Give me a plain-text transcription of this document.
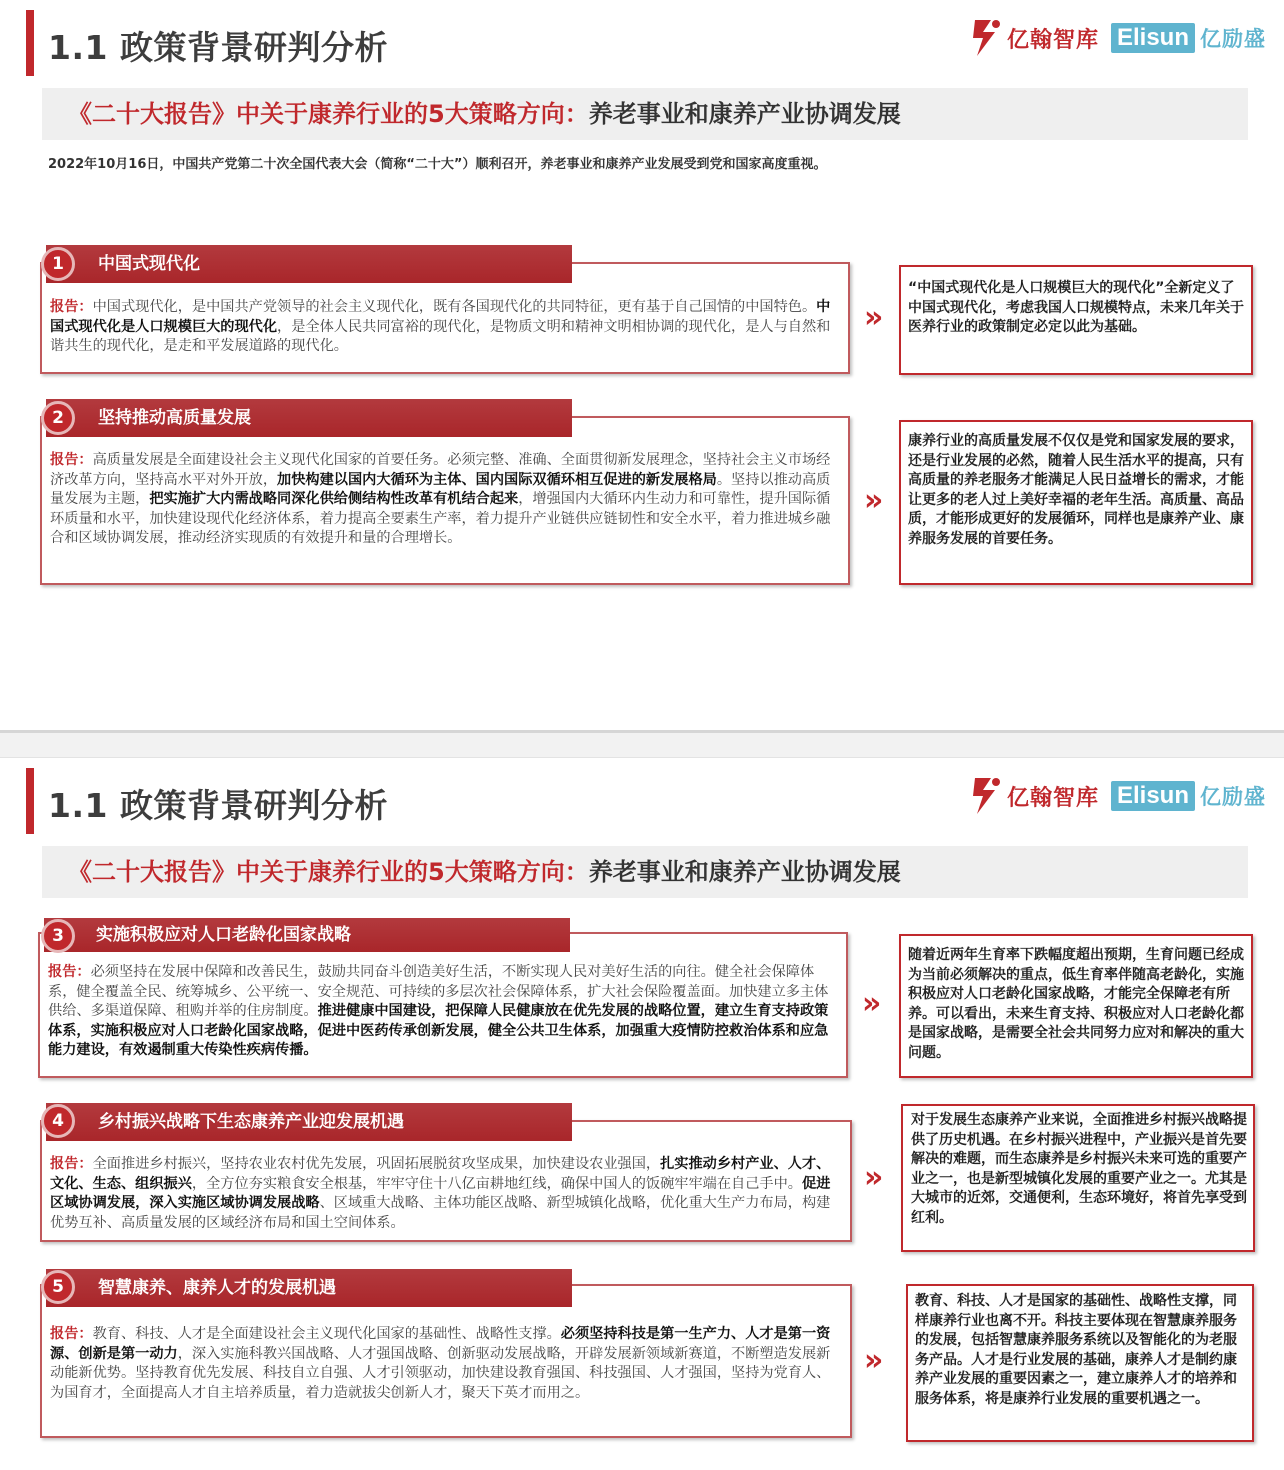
1.1 政策背景研判分析	亿翰智库 Elisun 亿励盛
《二十大报告》中关于康养行业的5大策略方向：养老事业和康养产业协调发展
2022年10月16日，中国共产党第二十次全国代表大会（简称“二十大”）顺利召开，养老事业和康养产业发展受到党和国家高度重视。
中国式现代化
1
报告：中国式现代化，是中国共产党领导的社会主义现代化，既有各国现代化的共同特征，更有基于自己国情的中国特色。中国式现代化是人口规模巨大的现代化，是全体人民共同富裕的现代化，是物质文明和精神文明相协调的现代化，是人与自然和谐共生的现代化，是走和平发展道路的现代化。
»
“中国式现代化是人口规模巨大的现代化”全新定义了中国式现代化，考虑我国人口规模特点，未来几年关于医养行业的政策制定必定以此为基础。
坚持推动高质量发展
2
报告：高质量发展是全面建设社会主义现代化国家的首要任务。必须完整、准确、全面贯彻新发展理念，坚持社会主义市场经济改革方向，坚持高水平对外开放，加快构建以国内大循环为主体、国内国际双循环相互促进的新发展格局。坚持以推动高质量发展为主题，把实施扩大内需战略同深化供给侧结构性改革有机结合起来，增强国内大循环内生动力和可靠性，提升国际循环质量和水平，加快建设现代化经济体系，着力提高全要素生产率，着力提升产业链供应链韧性和安全水平，着力推进城乡融合和区域协调发展，推动经济实现质的有效提升和量的合理增长。
»
康养行业的高质量发展不仅仅是党和国家发展的要求，还是行业发展的必然，随着人民生活水平的提高，只有高质量的养老服务才能满足人民日益增长的需求，才能让更多的老人过上美好幸福的老年生活。高质量、高品质，才能形成更好的发展循环，同样也是康养产业、康养服务发展的首要任务。
1.1 政策背景研判分析	亿翰智库 Elisun 亿励盛
《二十大报告》中关于康养行业的5大策略方向：养老事业和康养产业协调发展
实施积极应对人口老龄化国家战略
3
报告：必须坚持在发展中保障和改善民生，鼓励共同奋斗创造美好生活，不断实现人民对美好生活的向往。健全社会保障体系，健全覆盖全民、统筹城乡、公平统一、安全规范、可持续的多层次社会保障体系，扩大社会保险覆盖面。加快建立多主体供给、多渠道保障、租购并举的住房制度。推进健康中国建设，把保障人民健康放在优先发展的战略位置，建立生育支持政策体系，实施积极应对人口老龄化国家战略，促进中医药传承创新发展，健全公共卫生体系，加强重大疫情防控救治体系和应急能力建设，有效遏制重大传染性疾病传播。
»
随着近两年生育率下跌幅度超出预期，生育问题已经成为当前必须解决的重点，低生育率伴随高老龄化，实施积极应对人口老龄化国家战略，才能完全保障老有所养。可以看出，未来生育支持、积极应对人口老龄化都是国家战略，是需要全社会共同努力应对和解决的重大问题。
乡村振兴战略下生态康养产业迎发展机遇
4
报告：全面推进乡村振兴，坚持农业农村优先发展，巩固拓展脱贫攻坚成果，加快建设农业强国，扎实推动乡村产业、人才、文化、生态、组织振兴，全方位夯实粮食安全根基，牢牢守住十八亿亩耕地红线，确保中国人的饭碗牢牢端在自己手中。促进区域协调发展，深入实施区域协调发展战略、区域重大战略、主体功能区战略、新型城镇化战略，优化重大生产力布局，构建优势互补、高质量发展的区域经济布局和国土空间体系。
»
对于发展生态康养产业来说，全面推进乡村振兴战略提供了历史机遇。在乡村振兴进程中，产业振兴是首先要解决的难题，而生态康养是乡村振兴未来可选的重要产业之一，也是新型城镇化发展的重要产业之一。尤其是大城市的近郊，交通便利，生态环境好，将首先享受到红利。
智慧康养、康养人才的发展机遇
5
报告：教育、科技、人才是全面建设社会主义现代化国家的基础性、战略性支撑。必须坚持科技是第一生产力、人才是第一资源、创新是第一动力，深入实施科教兴国战略、人才强国战略、创新驱动发展战略，开辟发展新领域新赛道，不断塑造发展新动能新优势。坚持教育优先发展、科技自立自强、人才引领驱动，加快建设教育强国、科技强国、人才强国，坚持为党育人、为国育才，全面提高人才自主培养质量，着力造就拔尖创新人才，聚天下英才而用之。
»
教育、科技、人才是国家的基础性、战略性支撑，同样康养行业也离不开。科技主要体现在智慧康养服务的发展，包括智慧康养服务系统以及智能化的为老服务产品。人才是行业发展的基础，康养人才是制约康养产业发展的重要因素之一，建立康养人才的培养和服务体系，将是康养行业发展的重要机遇之一。
